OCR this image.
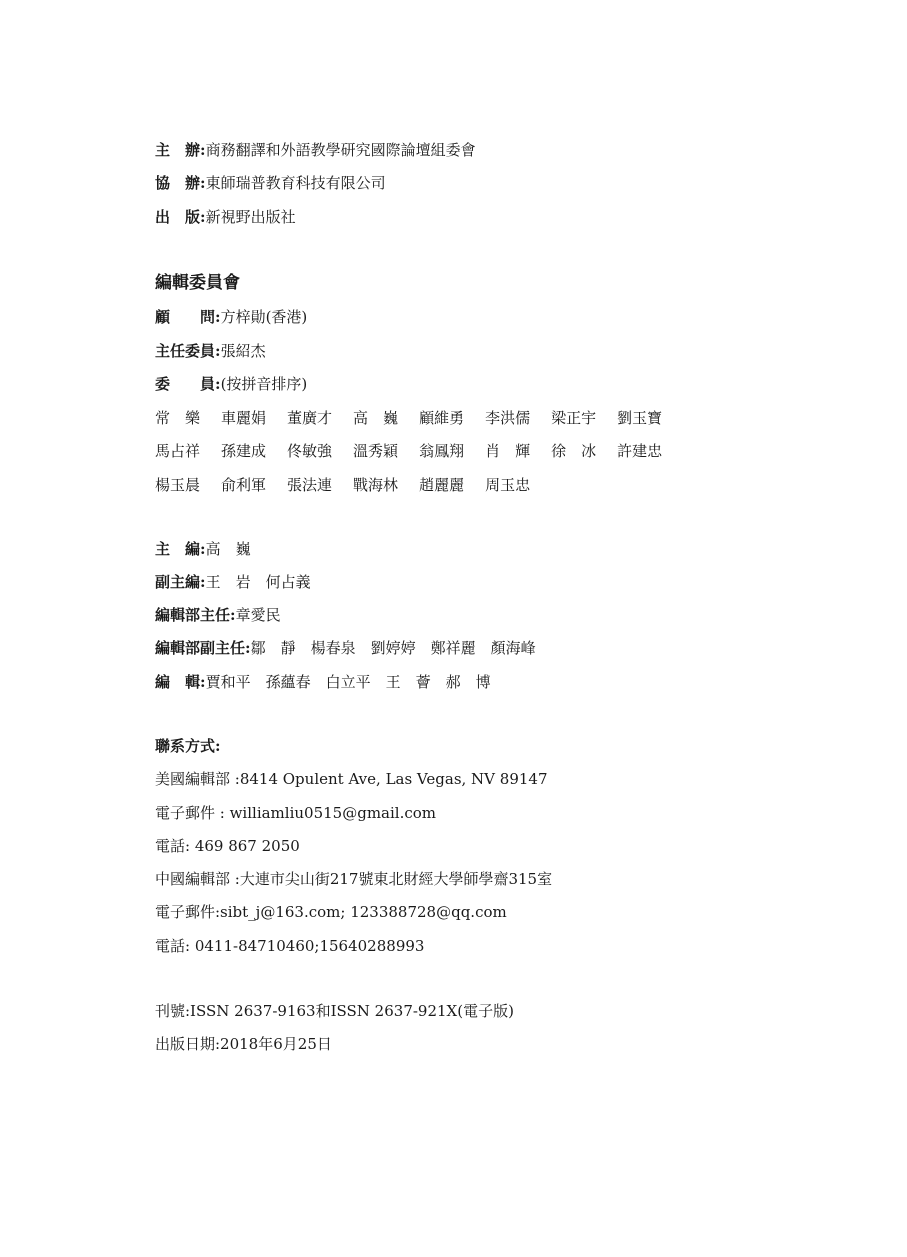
主　辦:商務翻譯和外語教學研究國際論壇組委會
協　辦:東師瑞普教育科技有限公司
出　版:新視野出版社
編輯委員會
顧　　問:方梓勛(香港)
主任委員:張紹杰
委　　員:(按拼音排序)
常　樂 車麗娟 董廣才 高　巍 顧維勇 李洪儒 梁正宇 劉玉寶
馬占祥 孫建成 佟敏強 溫秀穎 翁鳳翔 肖　輝 徐　冰 許建忠
楊玉晨 俞利軍 張法連 戰海林 趙麗麗 周玉忠
主　編:高　巍
副主編:王　岩　何占義
編輯部主任:章愛民
編輯部副主任:鄒　靜　楊春泉　劉婷婷　鄭祥麗　顏海峰
編　輯:賈和平　孫蘊春　白立平　王　薈　郝　博
聯系方式:
美國編輯部 :8414 Opulent Ave, Las Vegas, NV 89147
電子郵件 : williamliu0515@gmail.com
電話: 469 867 2050
中國編輯部 :大連市尖山街217號東北財經大學師學齋315室
電子郵件:sibt_j@163.com; 123388728@qq.com
電話: 0411-84710460;15640288993
刊號:ISSN 2637-9163和ISSN 2637-921X(電子版)
出版日期:2018年6月25日
